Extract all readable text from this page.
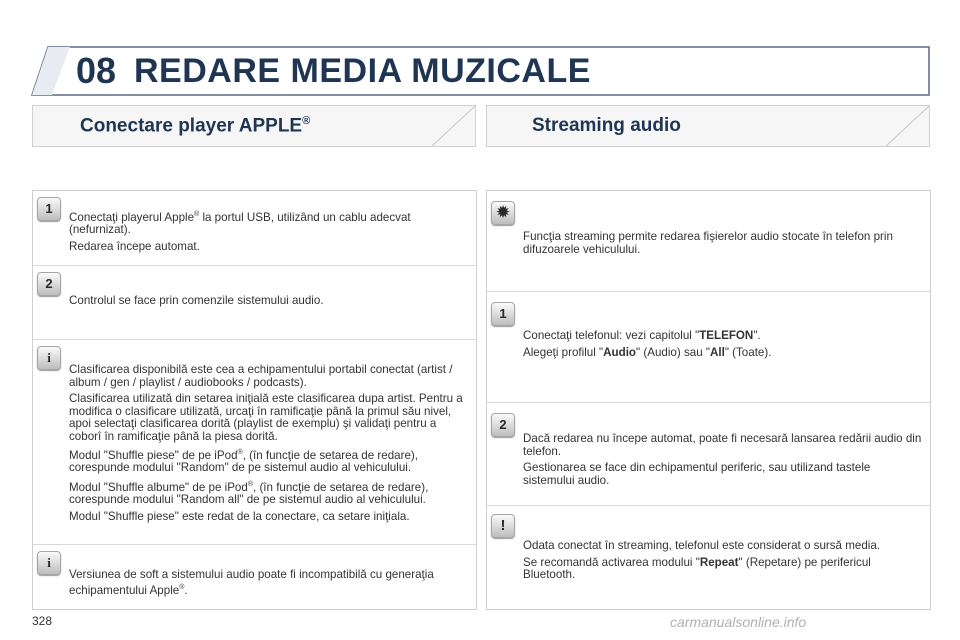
08 REDARE MEDIA MUZICALE
Conectare player APPLE®	Streaming audio
1

Conectaţi playerul Apple® la portul USB, utilizând un cablu adecvat (nefurnizat).

Redarea începe automat.

2

Controlul se face prin comenzile sistemului audio.

i

Clasificarea disponibilă este cea a echipamentului portabil conectat (artist / album / gen / playlist / audiobooks / podcasts).

Clasificarea utilizată din setarea iniţială este clasificarea dupa artist. Pentru a modifica o clasificare utilizată, urcaţi în ramificaţie până la primul său nivel, apoi selectaţi clasificarea dorită (playlist de exemplu) şi validaţi pentru a coborî în ramificaţie până la piesa dorită.

Modul "Shuffle piese" de pe iPod®, (în funcţie de setarea de redare), corespunde modului "Random" de pe sistemul audio al vehiculului.

Modul "Shuffle albume" de pe iPod®, (în funcţie de setarea de redare), corespunde modului "Random all" de pe sistemul audio al vehiculului.

Modul "Shuffle piese" este redat de la conectare, ca setare iniţiala.

i

Versiunea de soft a sistemului audio poate fi incompatibilă cu generaţia echipamentului Apple®.

✹

Funcţia streaming permite redarea fişierelor audio stocate în telefon prin difuzoarele vehiculului.

1

Conectaţi telefonul: vezi capitolul "TELEFON".

Alegeţi profilul "Audio" (Audio) sau "All" (Toate).

2

Dacă redarea nu începe automat, poate fi necesară lansarea redării audio din telefon.

Gestionarea se face din echipamentul periferic, sau utilizand tastele sistemului audio.

!

Odata conectat în streaming, telefonul este considerat o sursă media.

Se recomandă activarea modului "Repeat" (Repetare) pe perifericul Bluetooth.

328	carmanualsonline.info
